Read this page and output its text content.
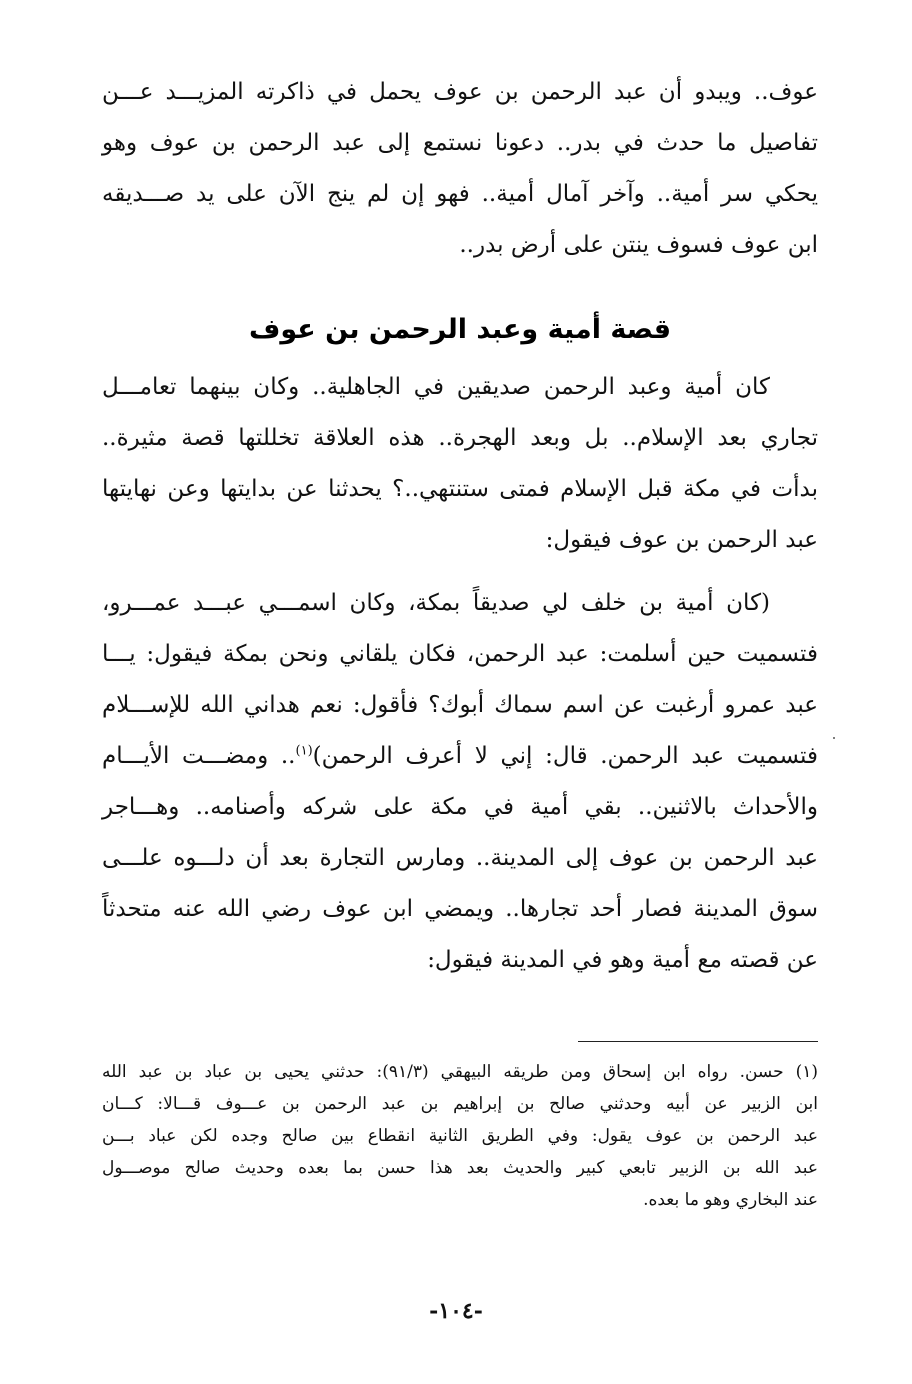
عوف.. ويبدو أن عبد الرحمن بن عوف يحمل في ذاكرته المزيـــد عـــن
تفاصيل ما حدث في بدر.. دعونا نستمع إلى عبد الرحمن بن عوف وهو
يحكي سر أمية.. وآخر آمال أمية.. فهو إن لم ينج الآن على يد صـــديقه
ابن عوف فسوف ينتن على أرض بدر..
قصة أمية وعبد الرحمن بن عوف
كان أمية وعبد الرحمن صديقين في الجاهلية.. وكان بينهما تعامـــل
تجاري بعد الإسلام.. بل وبعد الهجرة.. هذه العلاقة تخللتها قصة مثيرة..
بدأت في مكة قبل الإسلام فمتى ستنتهي..؟ يحدثنا عن بدايتها وعن نهايتها
عبد الرحمن بن عوف فيقول:
(كان أمية بن خلف لي صديقاً بمكة، وكان اسمـــي عبـــد عمـــرو،
فتسميت حين أسلمت: عبد الرحمن، فكان يلقاني ونحن بمكة فيقول: يـــا
عبد عمرو أرغبت عن اسم سماك أبوك؟ فأقول: نعم هداني الله للإســـلام
فتسميت عبد الرحمن. قال: إني لا أعرف الرحمن)$^{(١)}$.. ومضـــت الأيـــام
والأحداث بالاثنين.. بقي أمية في مكة على شركه وأصنامه.. وهـــاجر
عبد الرحمن بن عوف إلى المدينة.. ومارس التجارة بعد أن دلـــوه علـــى
سوق المدينة فصار أحد تجارها.. ويمضي ابن عوف رضي الله عنه متحدثاً
عن قصته مع أمية وهو في المدينة فيقول:
(١) حسن. رواه ابن إسحاق ومن طريقه البيهقي (٩١/٣): حدثني يحيى بن عباد بن عبد الله
ابن الزبير عن أبيه وحدثني صالح بن إبراهيم بن عبد الرحمن بن عـــوف قـــالا: كـــان
عبد الرحمن بن عوف يقول: وفي الطريق الثانية انقطاع بين صالح وجده لكن عباد بـــن
عبد الله بن الزبير تابعي كبير والحديث بعد هذا حسن بما بعده وحديث صالح موصـــول
عند البخاري وهو ما بعده.
-١٠٤-
